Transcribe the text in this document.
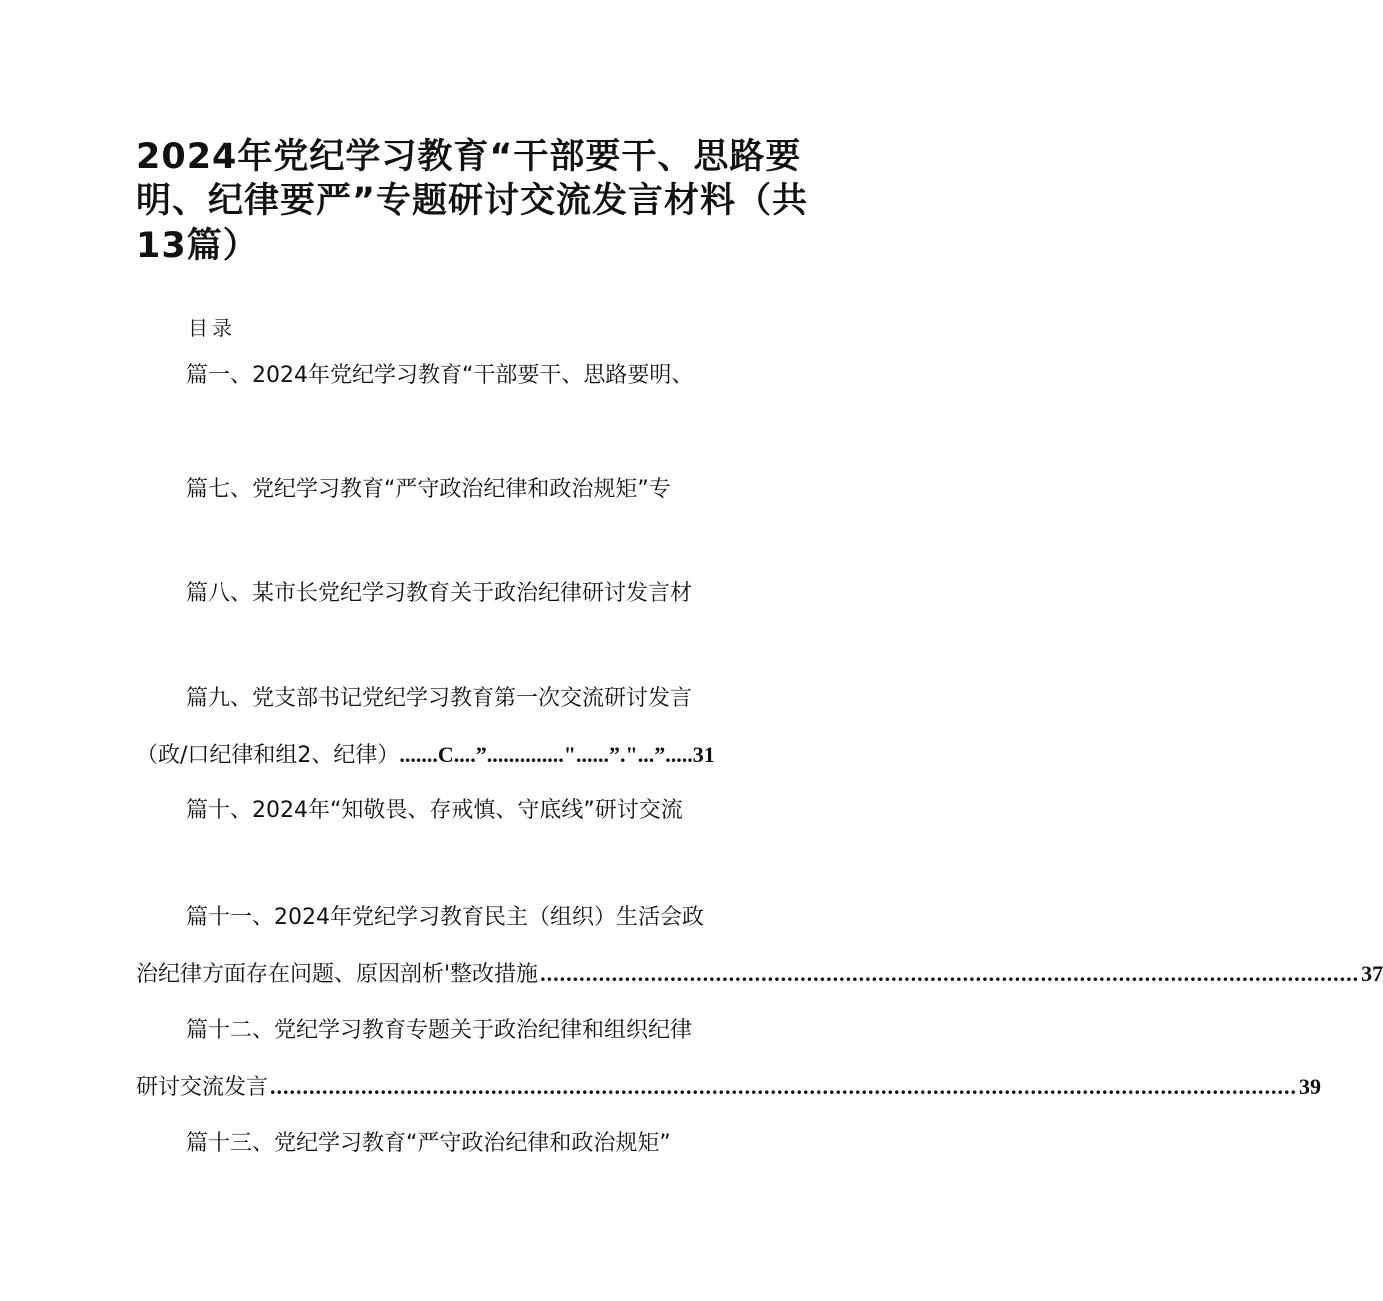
2024年党纪学习教育“干部要干、思路要
明、纪律要严”专题研讨交流发言材料（共
13篇）
目录
篇一、2024年党纪学习教育“干部要干、思路要明、
篇七、党纪学习教育“严守政治纪律和政治规矩”专
篇八、某市长党纪学习教育关于政治纪律研讨发言材
篇九、党支部书记党纪学习教育第一次交流研讨发言
（政/口纪律和组2、纪律）.......C....”.............."......”."...”.....31
篇十、2024年“知敬畏、存戒慎、守底线”研讨交流
篇十一、2024年党纪学习教育民主（组织）生活会政
治纪律方面存在问题、原因剖析'整改措施 .............................................................................................................................. 37
篇十二、党纪学习教育专题关于政治纪律和组织纪律
研讨交流发言 .............................................................................................................................................................. 39
篇十三、党纪学习教育“严守政治纪律和政治规矩”
